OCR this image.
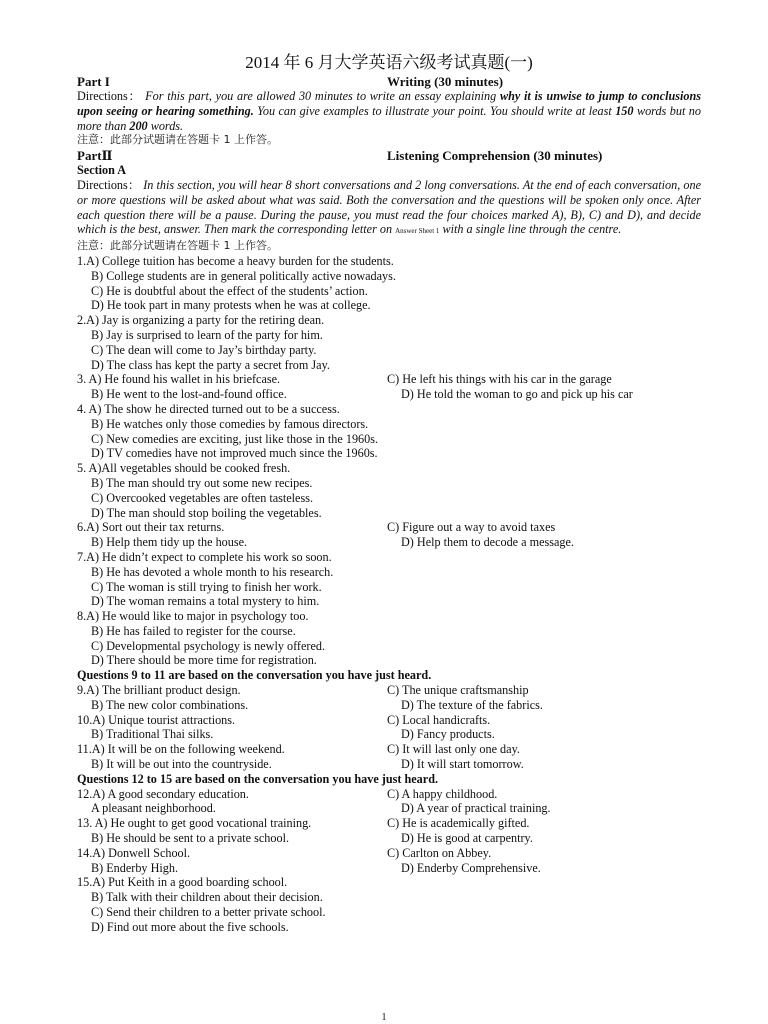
2014 年 6 月大学英语六级考试真题(一)
Part I	Writing (30 minutes)
Directions： For this part, you are allowed 30 minutes to write an essay explaining why it is unwise to jump to conclusions upon seeing or hearing something. You can give examples to illustrate your point. You should write at least 150 words but no more than 200 words.
注意：此部分试题请在答题卡 1 上作答。
PartⅡ	Listening Comprehension (30 minutes)
Section A
Directions： In this section, you will hear 8 short conversations and 2 long conversations. At the end of each conversation, one or more questions will be asked about what was said. Both the conversation and the questions will be spoken only once. After each question there will be a pause. During the pause, you must read the four choices marked A), B), C) and D), and decide which is the best, answer. Then mark the corresponding letter on Answer Sheet 1 with a single line through the centre.
注意：此部分试题请在答题卡 1 上作答。
1.A) College tuition has become a heavy burden for the students.
B) College students are in general politically active nowadays.
C) He is doubtful about the effect of the students’ action.
D) He took part in many protests when he was at college.
2.A) Jay is organizing a party for the retiring dean.
B) Jay is surprised to learn of the party for him.
C) The dean will come to Jay’s birthday party.
D) The class has kept the party a secret from Jay.
3. A) He found his wallet in his briefcase.	C) He left his things with his car in the garage
B) He went to the lost-and-found office.	D) He told the woman to go and pick up his car
4. A) The show he directed turned out to be a success.
B) He watches only those comedies by famous directors.
C) New comedies are exciting, just like those in the 1960s.
D) TV comedies have not improved much since the 1960s.
5. A)All vegetables should be cooked fresh.
B) The man should try out some new recipes.
C) Overcooked vegetables are often tasteless.
D) The man should stop boiling the vegetables.
6.A) Sort out their tax returns.	C) Figure out a way to avoid taxes
B) Help them tidy up the house.	D) Help them to decode a message.
7.A) He didn’t expect to complete his work so soon.
B) He has devoted a whole month to his research.
C) The woman is still trying to finish her work.
D) The woman remains a total mystery to him.
8.A) He would like to major in psychology too.
B) He has failed to register for the course.
C) Developmental psychology is newly offered.
D) There should be more time for registration.
Questions 9 to 11 are based on the conversation you have just heard.
9.A) The brilliant product design.	C) The unique craftsmanship
B) The new color combinations.	D) The texture of the fabrics.
10.A) Unique tourist attractions.	C) Local handicrafts.
B) Traditional Thai silks.	D) Fancy products.
11.A) It will be on the following weekend.	C) It will last only one day.
B) It will be out into the countryside.	D) It will start tomorrow.
Questions 12 to 15 are based on the conversation you have just heard.
12.A) A good secondary education.	C) A happy childhood.
A pleasant neighborhood.	D) A year of practical training.
13. A) He ought to get good vocational training.	C) He is academically gifted.
B) He should be sent to a private school.	D) He is good at carpentry.
14.A) Donwell School.	C) Carlton on Abbey.
B) Enderby High.	D) Enderby Comprehensive.
15.A) Put Keith in a good boarding school.
B) Talk with their children about their decision.
C) Send their children to a better private school.
D) Find out more about the five schools.
1
